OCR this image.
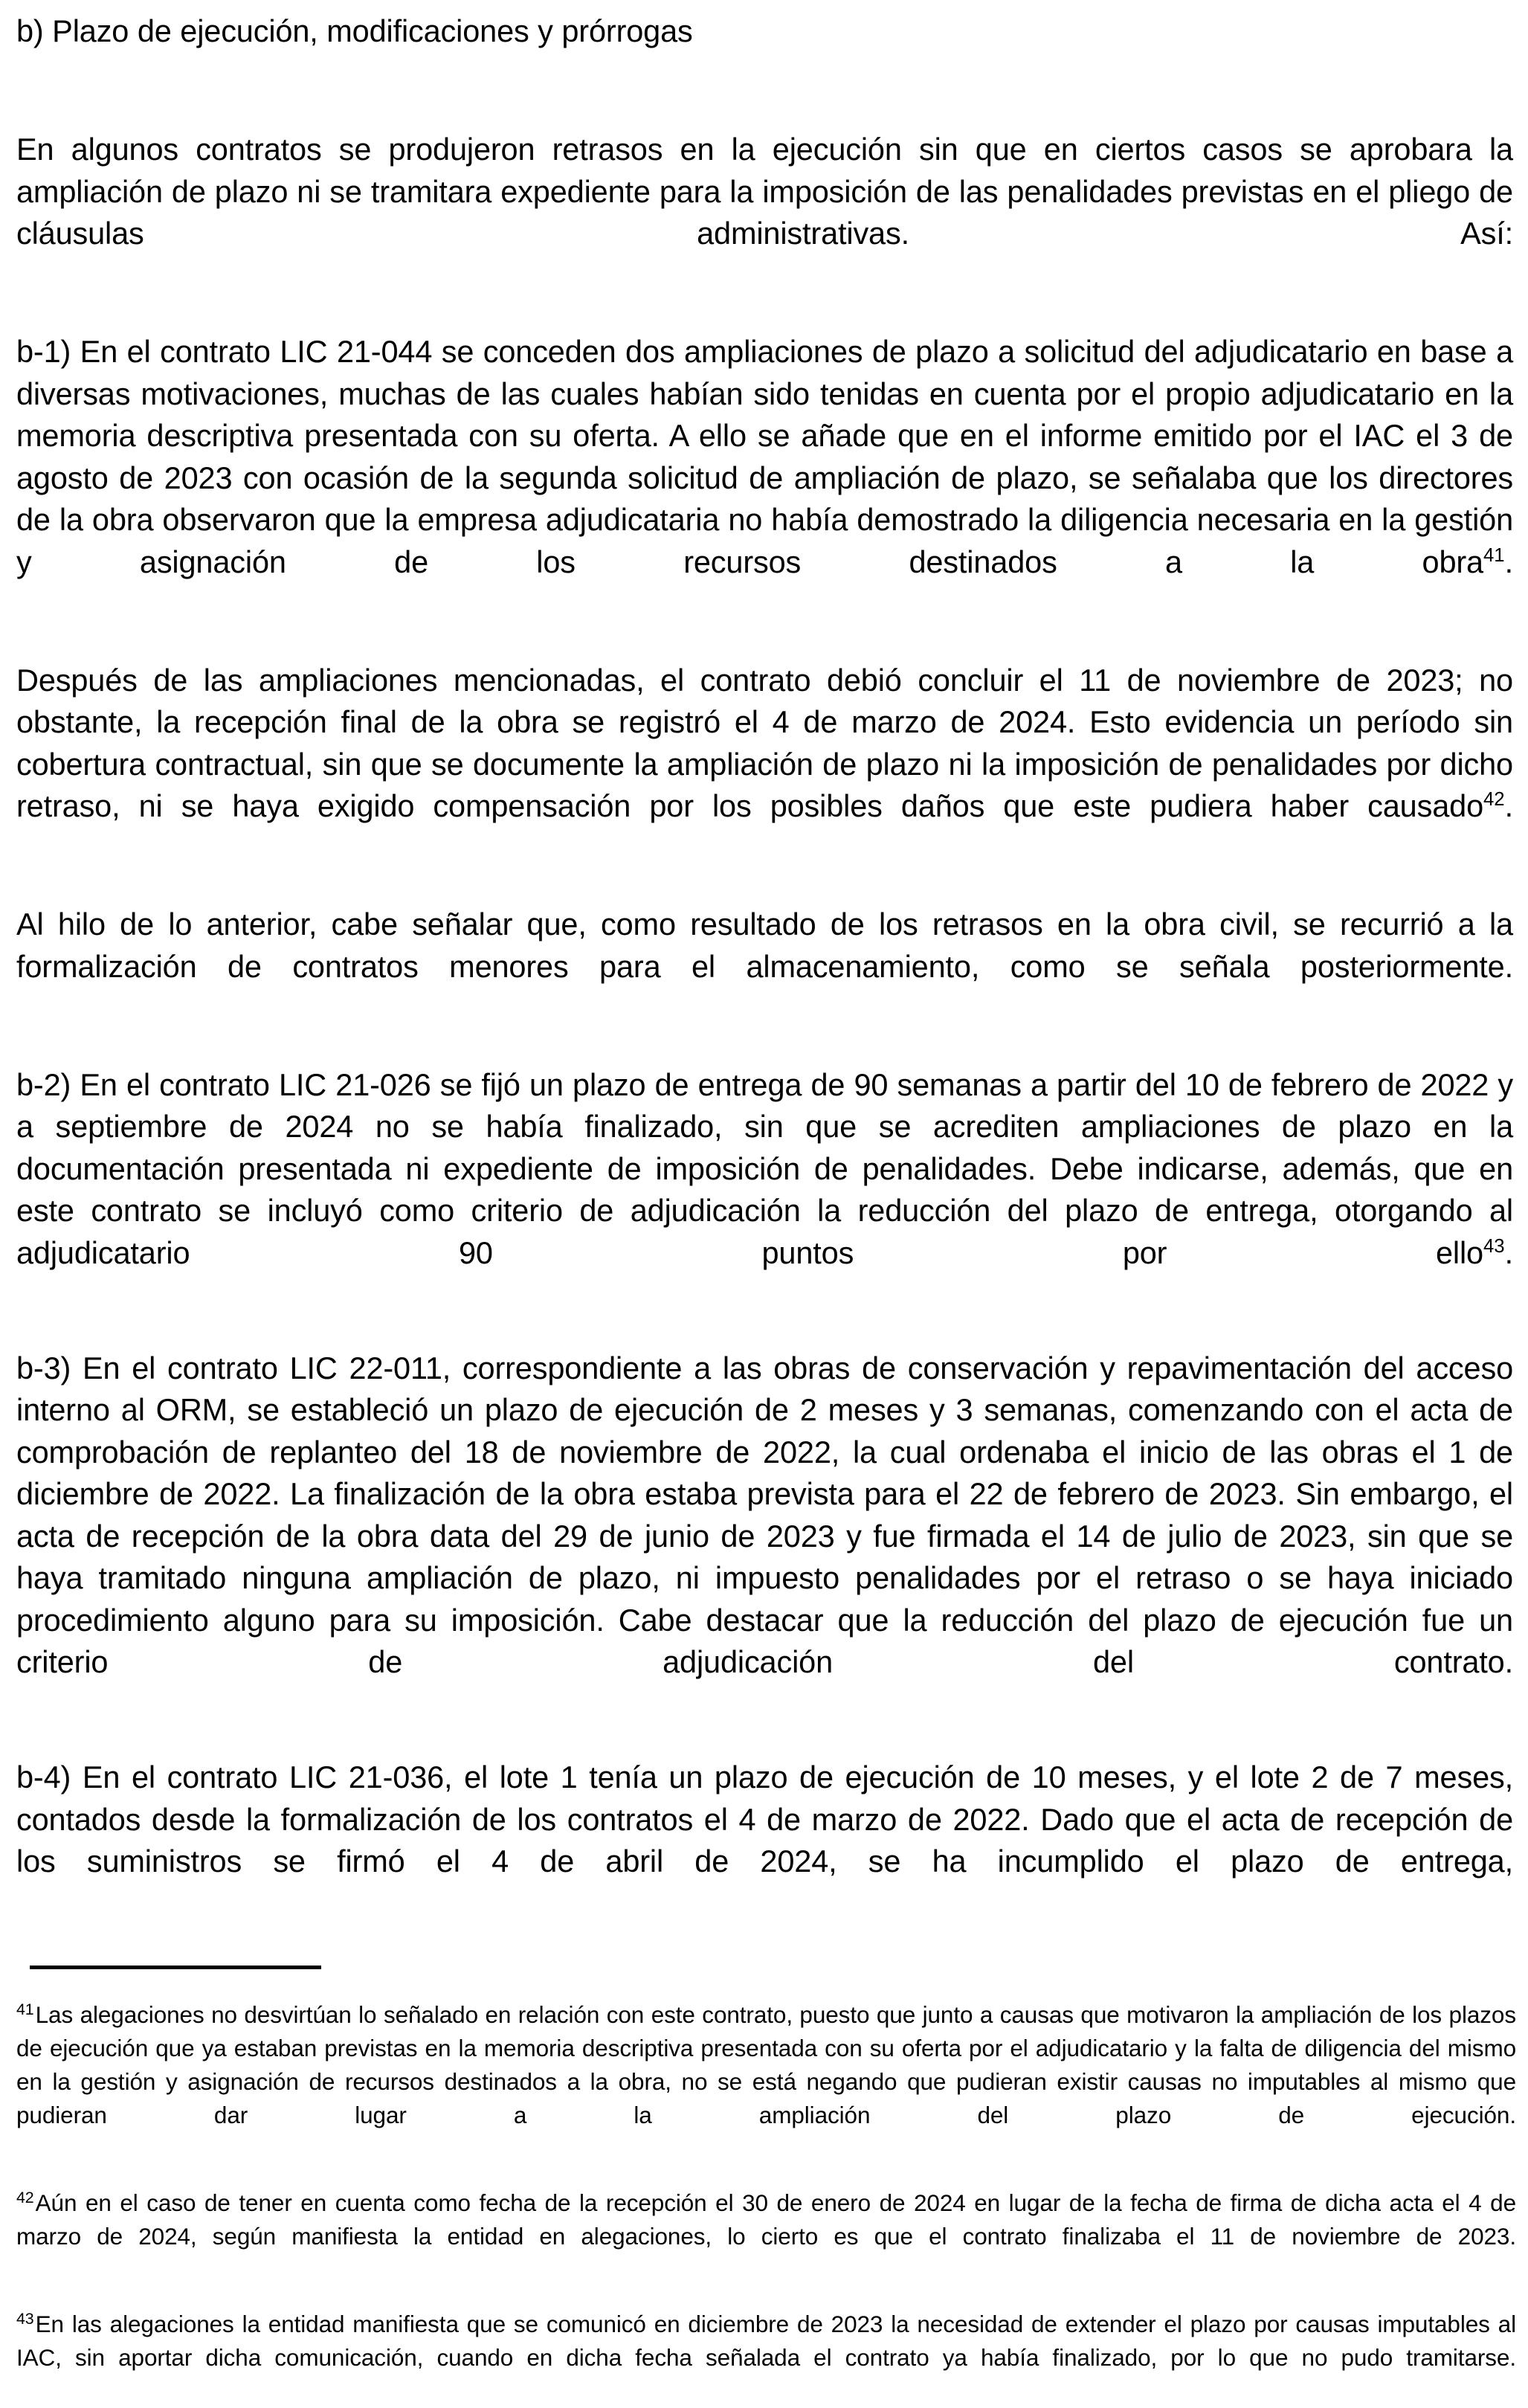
b) Plazo de ejecución, modificaciones y prórrogas

En algunos contratos se produjeron retrasos en la ejecución sin que en ciertos casos se aprobara la ampliación de plazo ni se tramitara expediente para la imposición de las penalidades previstas en el pliego de cláusulas administrativas. Así:

b-1) En el contrato LIC 21-044 se conceden dos ampliaciones de plazo a solicitud del adjudicatario en base a diversas motivaciones, muchas de las cuales habían sido tenidas en cuenta por el propio adjudicatario en la memoria descriptiva presentada con su oferta. A ello se añade que en el informe emitido por el IAC el 3 de agosto de 2023 con ocasión de la segunda solicitud de ampliación de plazo, se señalaba que los directores de la obra observaron que la empresa adjudicataria no había demostrado la diligencia necesaria en la gestión y asignación de los recursos destinados a la obra$^{41}$.

Después de las ampliaciones mencionadas, el contrato debió concluir el 11 de noviembre de 2023; no obstante, la recepción final de la obra se registró el 4 de marzo de 2024. Esto evidencia un período sin cobertura contractual, sin que se documente la ampliación de plazo ni la imposición de penalidades por dicho retraso, ni se haya exigido compensación por los posibles daños que este pudiera haber causado$^{42}$.

Al hilo de lo anterior, cabe señalar que, como resultado de los retrasos en la obra civil, se recurrió a la formalización de contratos menores para el almacenamiento, como se señala posteriormente.

b-2) En el contrato LIC 21-026 se fijó un plazo de entrega de 90 semanas a partir del 10 de febrero de 2022 y a septiembre de 2024 no se había finalizado, sin que se acrediten ampliaciones de plazo en la documentación presentada ni expediente de imposición de penalidades. Debe indicarse, además, que en este contrato se incluyó como criterio de adjudicación la reducción del plazo de entrega, otorgando al adjudicatario 90 puntos por ello$^{43}$.

b-3) En el contrato LIC 22-011, correspondiente a las obras de conservación y repavimentación del acceso interno al ORM, se estableció un plazo de ejecución de 2 meses y 3 semanas, comenzando con el acta de comprobación de replanteo del 18 de noviembre de 2022, la cual ordenaba el inicio de las obras el 1 de diciembre de 2022. La finalización de la obra estaba prevista para el 22 de febrero de 2023. Sin embargo, el acta de recepción de la obra data del 29 de junio de 2023 y fue firmada el 14 de julio de 2023, sin que se haya tramitado ninguna ampliación de plazo, ni impuesto penalidades por el retraso o se haya iniciado procedimiento alguno para su imposición. Cabe destacar que la reducción del plazo de ejecución fue un criterio de adjudicación del contrato.

b-4) En el contrato LIC 21-036, el lote 1 tenía un plazo de ejecución de 10 meses, y el lote 2 de 7 meses, contados desde la formalización de los contratos el 4 de marzo de 2022. Dado que el acta de recepción de los suministros se firmó el 4 de abril de 2024, se ha incumplido el plazo de entrega,

$^{41}$Las alegaciones no desvirtúan lo señalado en relación con este contrato, puesto que junto a causas que motivaron la ampliación de los plazos de ejecución que ya estaban previstas en la memoria descriptiva presentada con su oferta por el adjudicatario y la falta de diligencia del mismo en la gestión y asignación de recursos destinados a la obra, no se está negando que pudieran existir causas no imputables al mismo que pudieran dar lugar a la ampliación del plazo de ejecución.

$^{42}$Aún en el caso de tener en cuenta como fecha de la recepción el 30 de enero de 2024 en lugar de la fecha de firma de dicha acta el 4 de marzo de 2024, según manifiesta la entidad en alegaciones, lo cierto es que el contrato finalizaba el 11 de noviembre de 2023.

$^{43}$En las alegaciones la entidad manifiesta que se comunicó en diciembre de 2023 la necesidad de extender el plazo por causas imputables al IAC, sin aportar dicha comunicación, cuando en dicha fecha señalada el contrato ya había finalizado, por lo que no pudo tramitarse.
